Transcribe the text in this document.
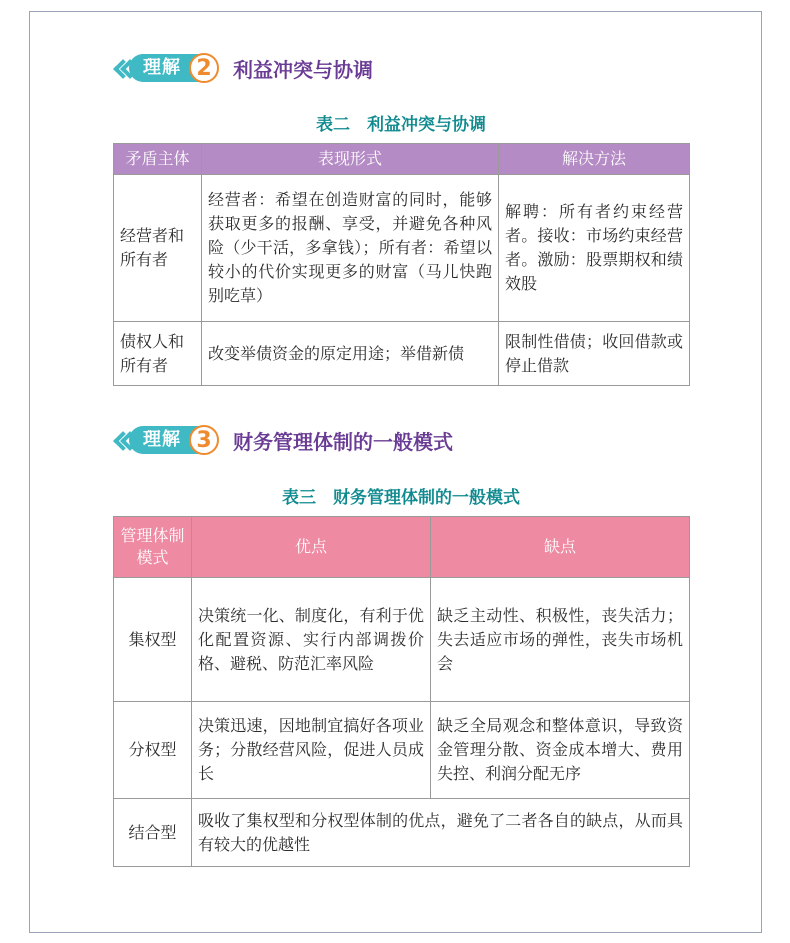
理解 2	利益冲突与协调
表二　利益冲突与协调
矛盾主体	表现形式	解决方法
经营者和所有者	经营者：希望在创造财富的同时，能够获取更多的报酬、享受，并避免各种风险（少干活，多拿钱）；所有者：希望以较小的代价实现更多的财富（马儿快跑别吃草）	解聘：所有者约束经营者。接收：市场约束经营者。激励：股票期权和绩效股
债权人和所有者	改变举债资金的原定用途；举借新债	限制性借债；收回借款或停止借款
理解 3	财务管理体制的一般模式
表三　财务管理体制的一般模式
管理体制模式	优点	缺点
集权型	决策统一化、制度化，有利于优化配置资源、实行内部调拨价格、避税、防范汇率风险	缺乏主动性、积极性，丧失活力；失去适应市场的弹性，丧失市场机会
分权型	决策迅速，因地制宜搞好各项业务；分散经营风险，促进人员成长	缺乏全局观念和整体意识，导致资金管理分散、资金成本增大、费用失控、利润分配无序
结合型	吸收了集权型和分权型体制的优点，避免了二者各自的缺点，从而具有较大的优越性	
